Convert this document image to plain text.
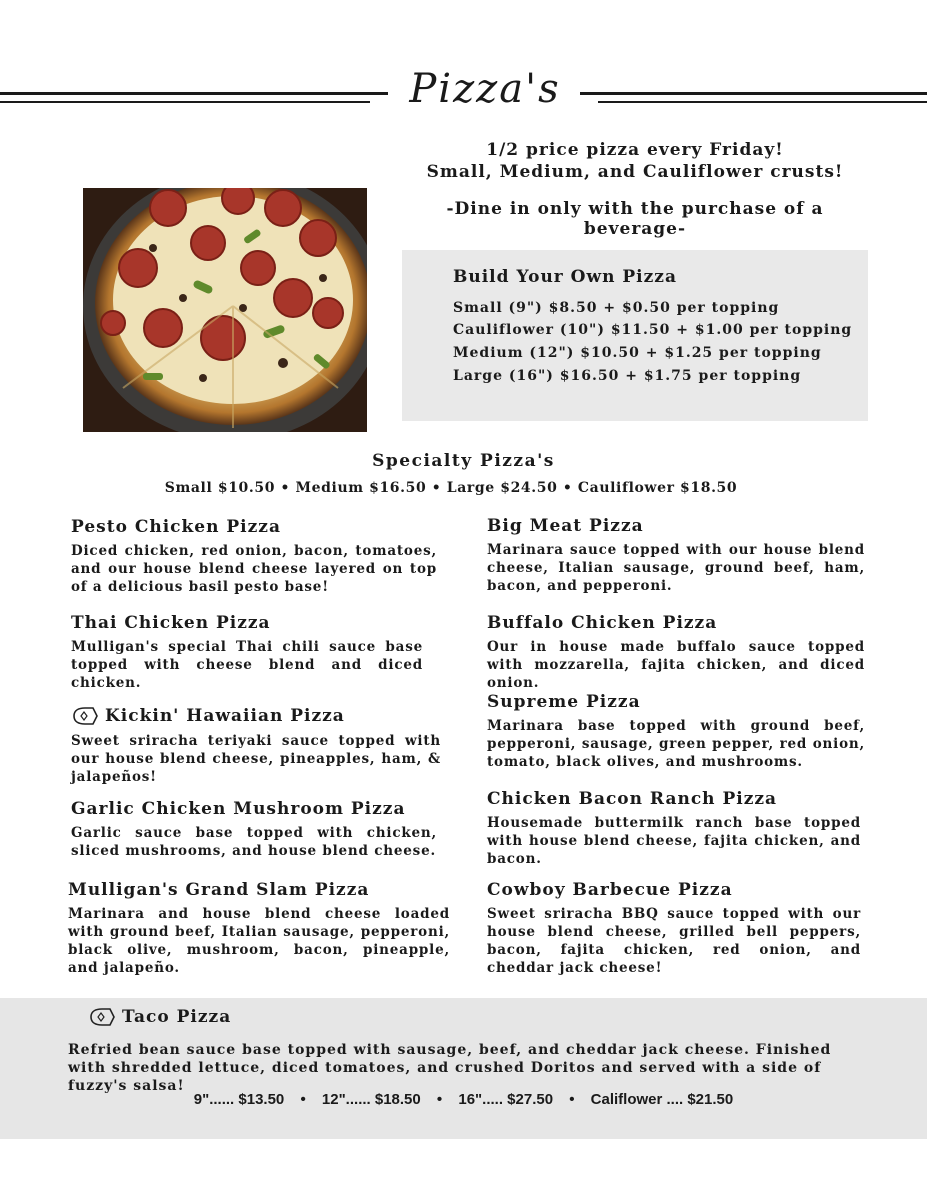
Pizza's
1/2 price pizza every Friday!
Small, Medium, and Cauliflower crusts!
-Dine in only with the purchase of a beverage-
Build Your Own Pizza
Small (9") $8.50 + $0.50 per topping
Cauliflower (10") $11.50 + $1.00 per topping
Medium (12") $10.50 + $1.25 per topping
Large (16") $16.50 + $1.75 per topping
Specialty Pizza's
Small $10.50 • Medium $16.50 • Large $24.50 • Cauliflower $18.50
Pesto Chicken Pizza
Diced chicken, red onion, bacon, tomatoes, and our house blend cheese layered on top of a delicious basil pesto base!
Thai Chicken Pizza
Mulligan's special Thai chili sauce base topped with cheese blend and diced chicken.
Kickin' Hawaiian Pizza
Sweet sriracha teriyaki sauce topped with our house blend cheese, pineapples, ham, & jalapeños!
Garlic Chicken Mushroom Pizza
Garlic sauce base topped with chicken, sliced mushrooms, and house blend cheese.
Mulligan's Grand Slam Pizza
Marinara and house blend cheese loaded with ground beef, Italian sausage, pepperoni, black olive, mushroom, bacon, pineapple, and jalapeño.
Big Meat Pizza
Marinara sauce topped with our house blend cheese, Italian sausage, ground beef, ham, bacon, and pepperoni.
Buffalo Chicken Pizza
Our in house made buffalo sauce topped with mozzarella, fajita chicken, and diced onion.
Supreme Pizza
Marinara base topped with ground beef, pepperoni, sausage, green pepper, red onion, tomato, black olives, and mushrooms.
Chicken Bacon Ranch Pizza
Housemade buttermilk ranch base topped with house blend cheese, fajita chicken, and bacon.
Cowboy Barbecue Pizza
Sweet sriracha BBQ sauce topped with our house blend cheese, grilled bell peppers, bacon, fajita chicken, red onion, and cheddar jack cheese!
Taco Pizza
Refried bean sauce base topped with sausage, beef, and cheddar jack cheese. Finished with shredded lettuce, diced tomatoes, and crushed Doritos and served with a side of fuzzy's salsa!
9"...... $13.50 • 12"...... $18.50 • 16"..... $27.50 • Califlower .... $21.50
